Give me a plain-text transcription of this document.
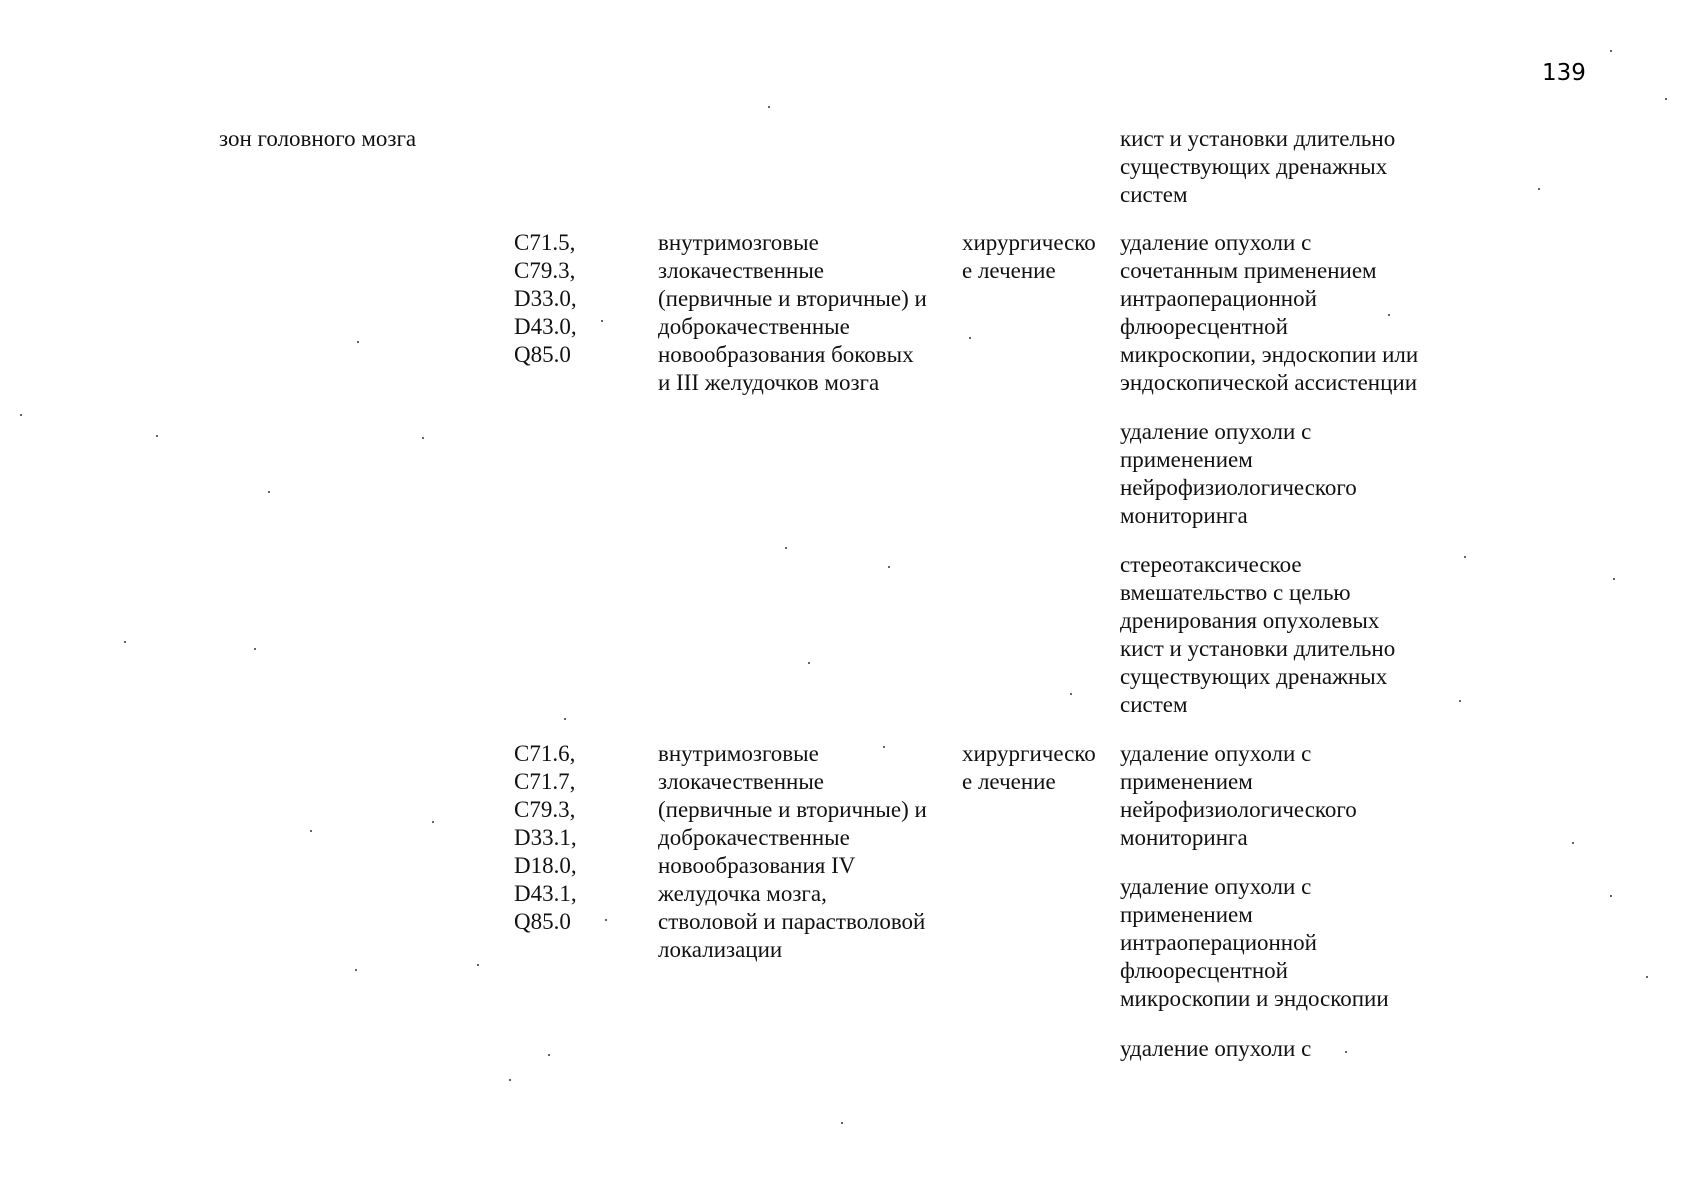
139
зон головного мозга	кист и установки длительно
существующих дренажных
систем
C71.5,
C79.3,
D33.0,
D43.0,
Q85.0
внутримозговые
злокачественные
(первичные и вторичные) и
доброкачественные
новообразования боковых
и III желудочков мозга
хирургическо
е лечение
удаление опухоли с
сочетанным применением
интраоперационной
флюоресцентной
микроскопии, эндоскопии или
эндоскопической ассистенции
удаление опухоли с
применением
нейрофизиологического
мониторинга
стереотаксическое
вмешательство с целью
дренирования опухолевых
кист и установки длительно
существующих дренажных
систем
C71.6,
C71.7,
C79.3,
D33.1,
D18.0,
D43.1,
Q85.0
внутримозговые
злокачественные
(первичные и вторичные) и
доброкачественные
новообразования IV
желудочка мозга,
стволовой и парастволовой
локализации
хирургическо
е лечение
удаление опухоли с
применением
нейрофизиологического
мониторинга
удаление опухоли с
применением
интраоперационной
флюоресцентной
микроскопии и эндоскопии
удаление опухоли с
